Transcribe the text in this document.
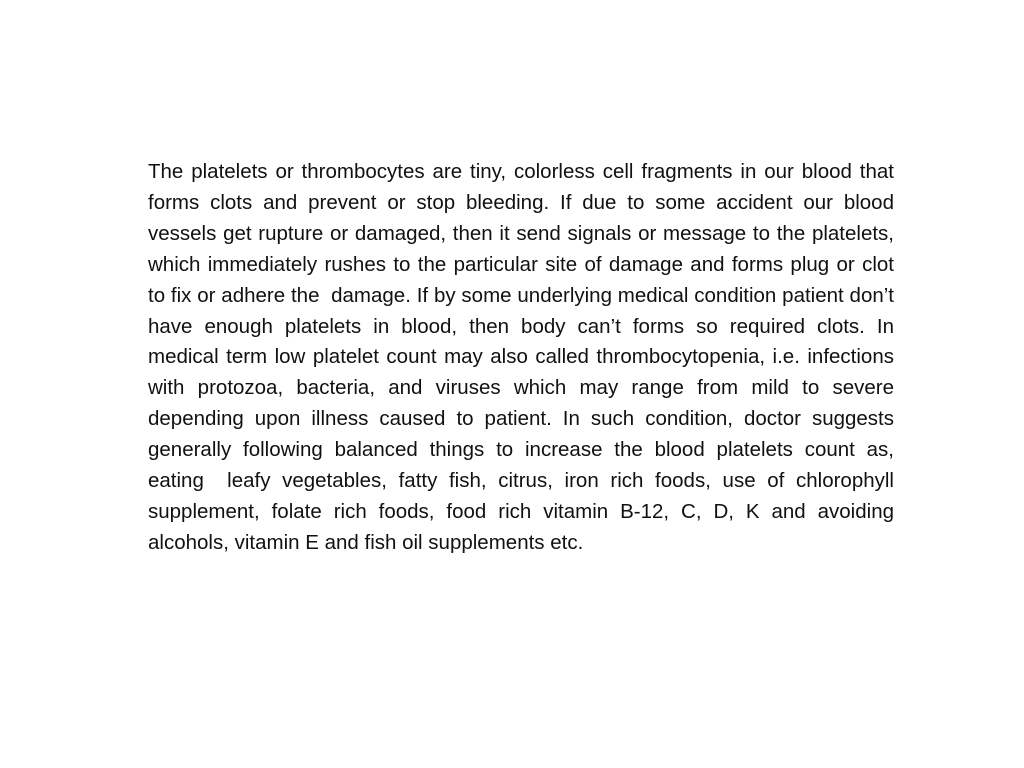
The platelets or thrombocytes are tiny, colorless cell fragments in our blood that forms clots and prevent or stop bleeding. If due to some accident our blood vessels get rupture or damaged, then it send signals or message to the platelets, which immediately rushes to the particular site of damage and forms plug or clot to fix or adhere the  damage. If by some underlying medical condition patient don’t have enough platelets in blood, then body can’t forms so required clots. In medical term low platelet count may also called thrombocytopenia, i.e. infections with protozoa, bacteria, and viruses which may range from mild to severe depending upon illness caused to patient. In such condition, doctor suggests generally following balanced things to increase the blood platelets count as, eating  leafy vegetables, fatty fish, citrus, iron rich foods, use of chlorophyll supplement, folate rich foods, food rich vitamin B-12, C, D, K and avoiding alcohols, vitamin E and fish oil supplements etc.
